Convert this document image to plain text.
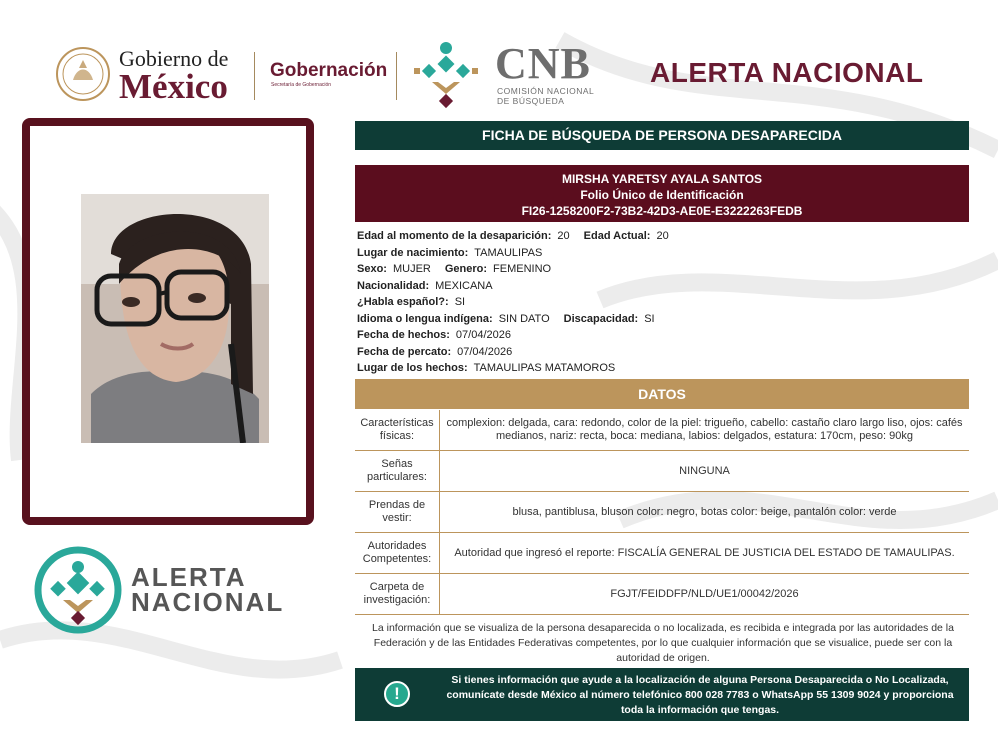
Gobierno de
México Gobernación
Secretaría de Gobernación	CNB
COMISIÓN NACIONAL
DE BÚSQUEDA
ALERTA NACIONAL
ALERTA
NACIONAL
FICHA DE BÚSQUEDA DE PERSONA DESAPARECIDA
MIRSHA YARETSY AYALA SANTOS
Folio Único de Identificación
FI26-1258200F2-73B2-42D3-AE0E-E3222263FEDB
Edad al momento de la desaparición: 20 Edad Actual: 20
Lugar de nacimiento: TAMAULIPAS
Sexo: MUJER Genero: FEMENINO
Nacionalidad: MEXICANA
¿Habla español?: SI
Idioma o lengua indígena: SIN DATO Discapacidad: SI
Fecha de hechos: 07/04/2026
Fecha de percato: 07/04/2026
Lugar de los hechos: TAMAULIPAS MATAMOROS
DATOS
Características físicas:
complexion: delgada, cara: redondo, color de la piel: trigueño, cabello: castaño claro largo liso, ojos: cafés medianos, nariz: recta, boca: mediana, labios: delgados, estatura: 170cm, peso: 90kg
Señas particulares:
NINGUNA
Prendas de vestir:
blusa, pantiblusa, bluson color: negro, botas color: beige, pantalón color: verde
Autoridades Competentes:
Autoridad que ingresó el reporte: FISCALÍA GENERAL DE JUSTICIA DEL ESTADO DE TAMAULIPAS.
Carpeta de investigación:
FGJT/FEIDDFP/NLD/UE1/00042/2026
La información que se visualiza de la persona desaparecida o no localizada, es recibida e integrada por las autoridades de la Federación y de las Entidades Federativas competentes, por lo que cualquier información que se visualice, puede ser con la autoridad de origen.
Si tienes información que ayude a la localización de alguna Persona Desaparecida o No Localizada, comunícate desde México al número telefónico 800 028 7783 o WhatsApp 55 1309 9024 y proporciona toda la información que tengas.
!
